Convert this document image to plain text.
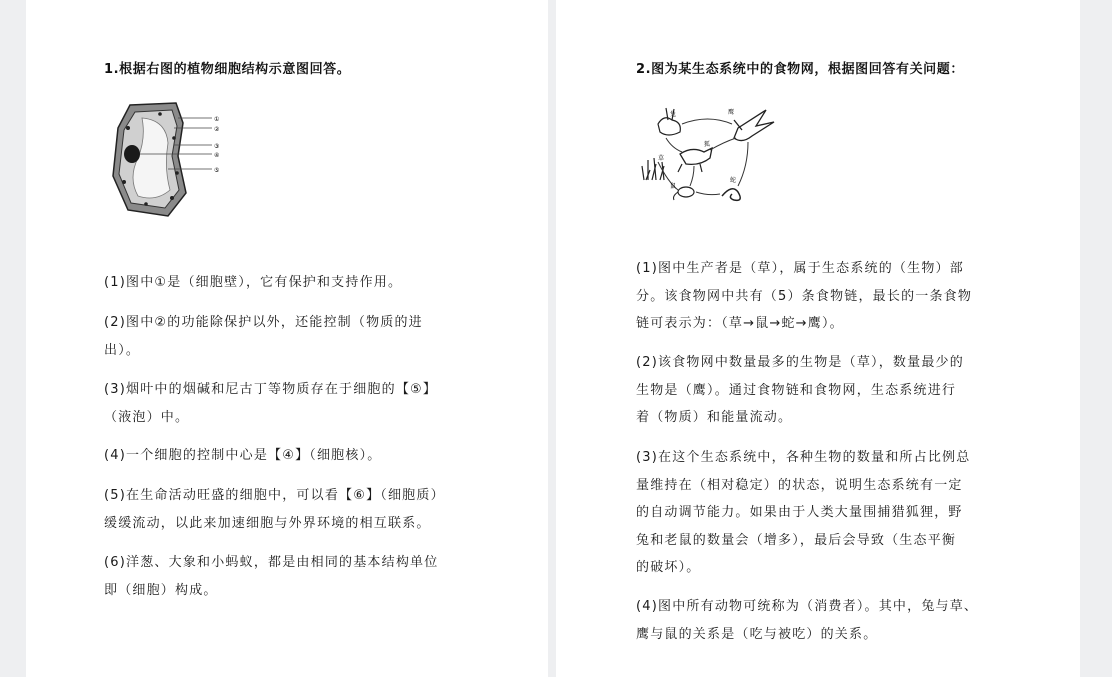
1.根据右图的植物细胞结构示意图回答。
①
②
③
④
⑤
(1)图中①是（细胞壁），它有保护和支持作用。
(2)图中②的功能除保护以外，还能控制（物质的进
出）。
(3)烟叶中的烟碱和尼古丁等物质存在于细胞的【⑤】
（液泡）中。
(4)一个细胞的控制中心是【④】（细胞核）。
(5)在生命活动旺盛的细胞中，可以看【⑥】（细胞质）
缓缓流动，以此来加速细胞与外界环境的相互联系。
(6)洋葱、大象和小蚂蚁，都是由相同的基本结构单位
即（细胞）构成。
2.图为某生态系统中的食物网，根据图回答有关问题：
兔	鹰
狐
草
鼠
蛇
(1)图中生产者是（草），属于生态系统的（生物）部
分。该食物网中共有（5）条食物链，最长的一条食物
链可表示为：（草→鼠→蛇→鹰）。
(2)该食物网中数量最多的生物是（草），数量最少的
生物是（鹰）。通过食物链和食物网，生态系统进行
着（物质）和能量流动。
(3)在这个生态系统中，各种生物的数量和所占比例总
量维持在（相对稳定）的状态，说明生态系统有一定
的自动调节能力。如果由于人类大量围捕猎狐狸，野
兔和老鼠的数量会（增多），最后会导致（生态平衡
的破坏）。
(4)图中所有动物可统称为（消费者）。其中，兔与草、
鹰与鼠的关系是（吃与被吃）的关系。
